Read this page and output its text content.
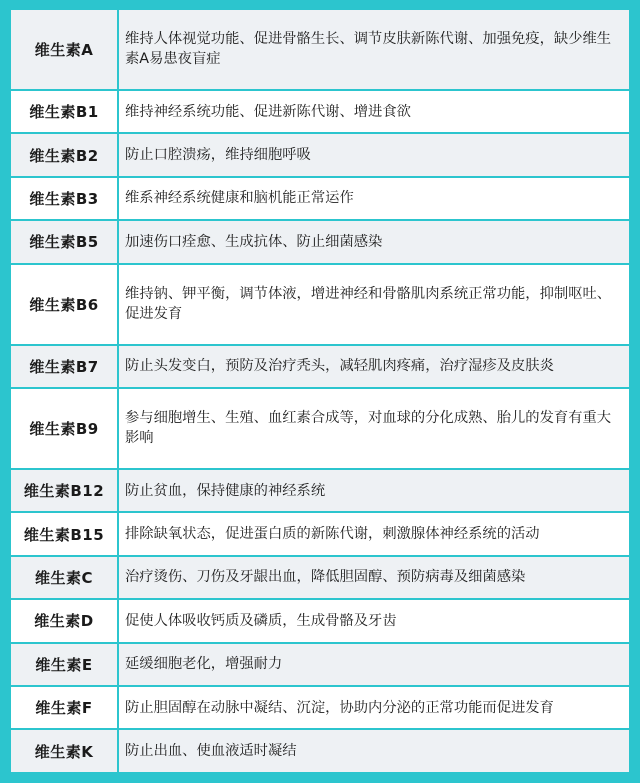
维生素A	维持人体视觉功能、促进骨骼生长、调节皮肤新陈代谢、加强免疫，缺少维生素A易患夜盲症
维生素B1	维持神经系统功能、促进新陈代谢、增进食欲
维生素B2	防止口腔溃疡，维持细胞呼吸
维生素B3	维系神经系统健康和脑机能正常运作
维生素B5	加速伤口痊愈、生成抗体、防止细菌感染
维生素B6	维持钠、钾平衡，调节体液，增进神经和骨骼肌肉系统正常功能，抑制呕吐、促进发育
维生素B7	防止头发变白，预防及治疗秃头，减轻肌肉疼痛，治疗湿疹及皮肤炎
维生素B9	参与细胞增生、生殖、血红素合成等，对血球的分化成熟、胎儿的发育有重大影响
维生素B12	防止贫血，保持健康的神经系统
维生素B15	排除缺氧状态，促进蛋白质的新陈代谢，刺激腺体神经系统的活动
维生素C	治疗烫伤、刀伤及牙龈出血，降低胆固醇、预防病毒及细菌感染
维生素D	促使人体吸收钙质及磷质，生成骨骼及牙齿
维生素E	延缓细胞老化，增强耐力
维生素F	防止胆固醇在动脉中凝结、沉淀，协助内分泌的正常功能而促进发育
维生素K	防止出血、使血液适时凝结
